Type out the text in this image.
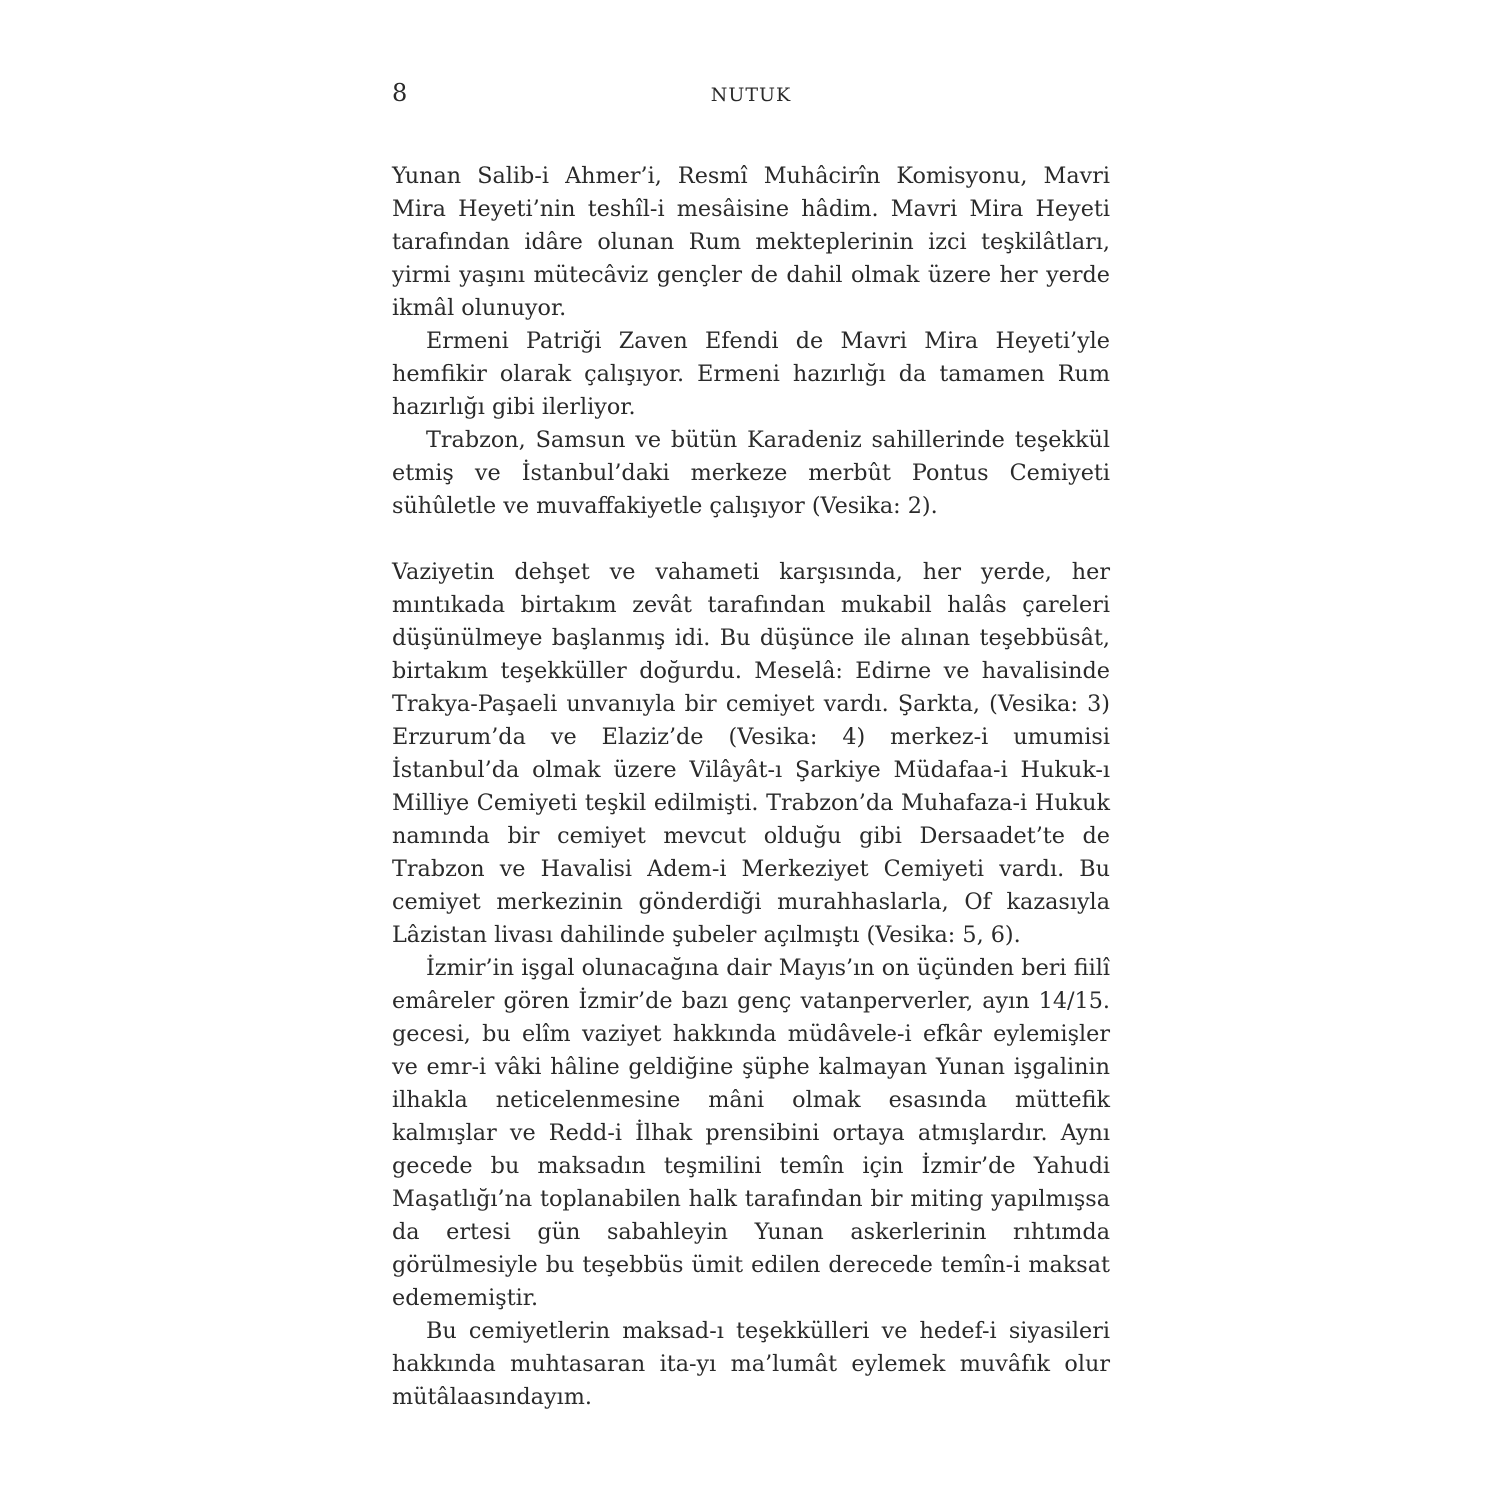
8	NUTUK

Yunan Salib-i Ahmer’i, Resmî Muhâcirîn Komisyonu, Mavri Mira Heyeti’nin teshîl-i mesâisine hâdim. Mavri Mira Heyeti tarafından idâre olunan Rum mekteplerinin izci teşkilâtları, yirmi yaşını mütecâviz gençler de dahil olmak üzere her yerde ikmâl olunuyor.

Ermeni Patriği Zaven Efendi de Mavri Mira Heyeti’yle hemfikir olarak çalışıyor. Ermeni hazırlığı da tamamen Rum hazırlığı gibi ilerliyor.

Trabzon, Samsun ve bütün Karadeniz sahillerinde teşekkül etmiş ve İstanbul’daki merkeze merbût Pontus Cemiyeti sühûletle ve muvaffakiyetle çalışıyor (Vesika: 2).

Vaziyetin dehşet ve vahameti karşısında, her yerde, her mıntıkada birtakım zevât tarafından mukabil halâs çareleri düşünülmeye başlanmış idi. Bu düşünce ile alınan teşebbüsât, birtakım teşekküller doğurdu. Meselâ: Edirne ve havalisinde Trakya-Paşaeli unvanıyla bir cemiyet vardı. Şarkta, (Vesika: 3) Erzurum’da ve Elaziz’de (Vesika: 4) merkez-i umumisi İstanbul’da olmak üzere Vilâyât-ı Şarkiye Müdafaa-i Hukuk-ı Milliye Cemiyeti teşkil edilmişti. Trabzon’da Muhafaza-i Hukuk namında bir cemiyet mevcut olduğu gibi Dersaadet’te de Trabzon ve Havalisi Adem-i Merkeziyet Cemiyeti vardı. Bu cemiyet merkezinin gönderdiği murahhaslarla, Of kazasıyla Lâzistan livası dahilinde şubeler açılmıştı (Vesika: 5, 6).

İzmir’in işgal olunacağına dair Mayıs’ın on üçünden beri fiilî emâreler gören İzmir’de bazı genç vatanperverler, ayın 14/15. gecesi, bu elîm vaziyet hakkında müdâvele-i efkâr eylemişler ve emr-i vâki hâline geldiğine şüphe kalmayan Yunan işgalinin ilhakla neticelenmesine mâni olmak esasında müttefik kalmışlar ve Redd-i İlhak prensibini ortaya atmışlardır. Aynı gecede bu maksadın teşmilini temîn için İzmir’de Yahudi Maşatlığı’na toplanabilen halk tarafından bir miting yapılmışsa da ertesi gün sabahleyin Yunan askerlerinin rıhtımda görülmesiyle bu teşebbüs ümit edilen derecede temîn-i maksat edememiştir.

Bu cemiyetlerin maksad-ı teşekkülleri ve hedef-i siyasileri hakkında muhtasaran ita-yı ma’lumât eylemek muvâfık olur mütâlaasındayım.
